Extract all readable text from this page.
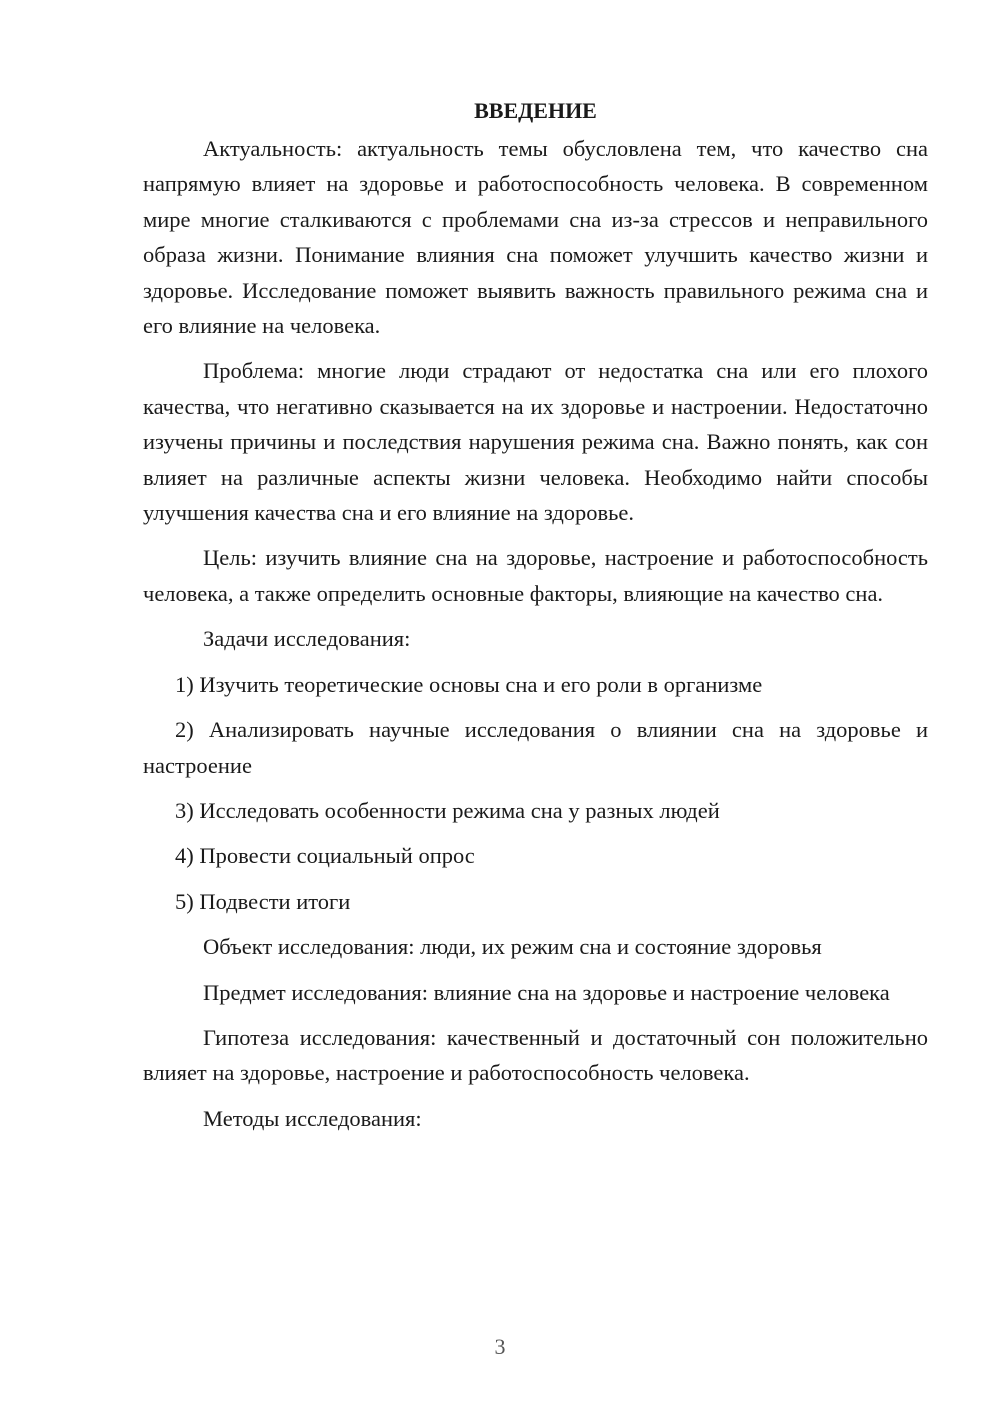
ВВЕДЕНИЕ

Актуальность: актуальность темы обусловлена тем, что качество сна напрямую влияет на здоровье и работоспособность человека. В современном мире многие сталкиваются с проблемами сна из-за стрессов и неправильного образа жизни. Понимание влияния сна поможет улучшить качество жизни и здоровье. Исследование поможет выявить важность правильного режима сна и его влияние на человека.

Проблема: многие люди страдают от недостатка сна или его плохого качества, что негативно сказывается на их здоровье и настроении. Недостаточно изучены причины и последствия нарушения режима сна. Важно понять, как сон влияет на различные аспекты жизни человека. Необходимо найти способы улучшения качества сна и его влияние на здоровье.

Цель: изучить влияние сна на здоровье, настроение и работоспособность человека, а также определить основные факторы, влияющие на качество сна.

Задачи исследования:

1) Изучить теоретические основы сна и его роли в организме

2) Анализировать научные исследования о влиянии сна на здоровье и настроение

3) Исследовать особенности режима сна у разных людей

4) Провести социальный опрос

5) Подвести итоги

Объект исследования: люди, их режим сна и состояние здоровья

Предмет исследования: влияние сна на здоровье и настроение человека

Гипотеза исследования: качественный и достаточный сон положительно влияет на здоровье, настроение и работоспособность человека.

Методы исследования:

3
